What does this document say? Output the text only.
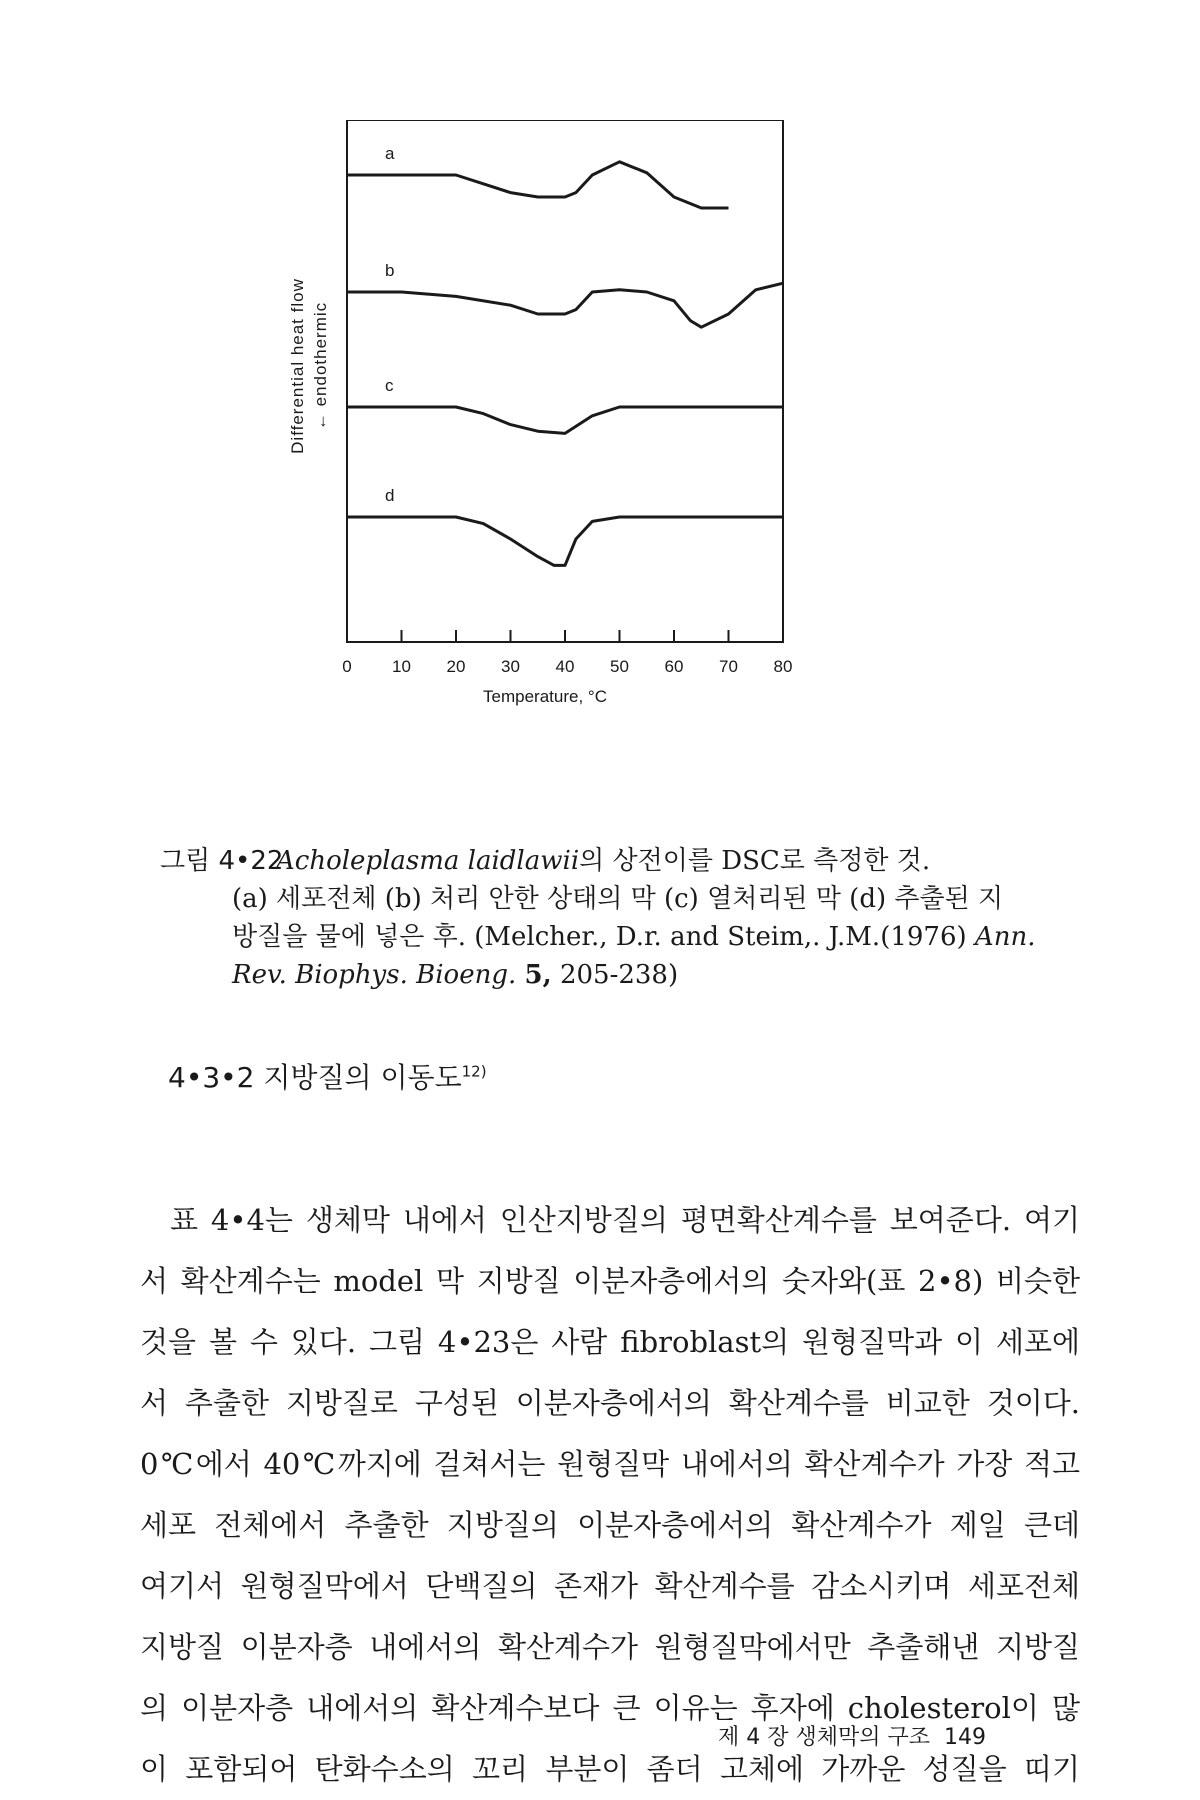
Differential heat flow ← endothermic
Temperature, °C
0 10 20 30 40 50 60 70 80
a
b
c
d
그림 4•22Acholeplasma laidlawii의 상전이를 DSC로 측정한 것.
(a) 세포전체 (b) 처리 안한 상태의 막 (c) 열처리된 막 (d) 추출된 지
방질을 물에 넣은 후. (Melcher., D.r. and Steim,. J.M.(1976) Ann.
Rev. Biophys. Bioeng. 5, 205-238)
4•3•2 지방질의 이동도$^{12)}$
표 4•4는 생체막 내에서 인산지방질의 평면확산계수를 보여준다. 여기
서 확산계수는 model 막 지방질 이분자층에서의 숫자와(표 2•8) 비슷한
것을 볼 수 있다. 그림 4•23은 사람 fibroblast의 원형질막과 이 세포에
서 추출한 지방질로 구성된 이분자층에서의 확산계수를 비교한 것이다.
0℃에서 40℃까지에 걸쳐서는 원형질막 내에서의 확산계수가 가장 적고
세포 전체에서 추출한 지방질의 이분자층에서의 확산계수가 제일 큰데
여기서 원형질막에서 단백질의 존재가 확산계수를 감소시키며 세포전체
지방질 이분자층 내에서의 확산계수가 원형질막에서만 추출해낸 지방질
의 이분자층 내에서의 확산계수보다 큰 이유는 후자에 cholesterol이 많
이 포함되어 탄화수소의 꼬리 부분이 좀더 고체에 가까운 성질을 띠기
제 4 장 생체막의 구조 149
